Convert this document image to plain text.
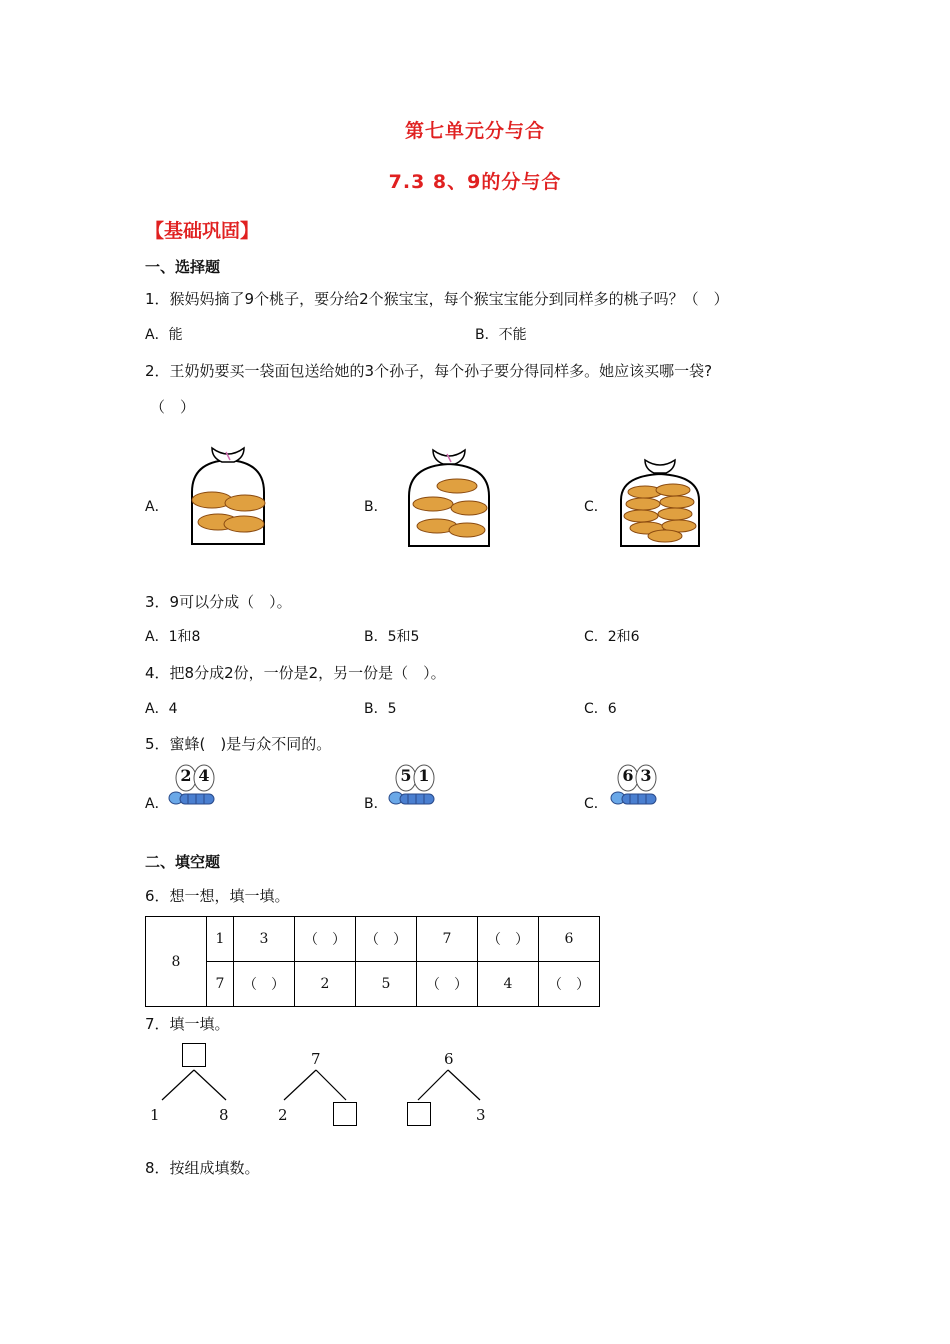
第七单元分与合
7.3 8、9的分与合
【基础巩固】
一、选择题
1．猴妈妈摘了9个桃子，要分给2个猴宝宝，每个猴宝宝能分到同样多的桃子吗？（　）
A．能	B．不能
2．王奶奶要买一袋面包送给她的3个孙子，每个孙子要分得同样多。她应该买哪一袋?
（　）
A．	B．	C．
3．9可以分成（　）。
A．1和8	B．5和5	C．2和6
4．把8分成2份，一份是2，另一份是（　）。
A．4	B．5	C．6
5．蜜蜂(　)是与众不同的。
A．
2 4
B．
5 1
C．
6 3
二、填空题
6．想一想，填一填。
8	1	3	（　）	（　）	7	（　）	6
	7	（　）	2	5	（　）	4	（　）
7．填一填。
1	8
7
2
6
3
8．按组成填数。
